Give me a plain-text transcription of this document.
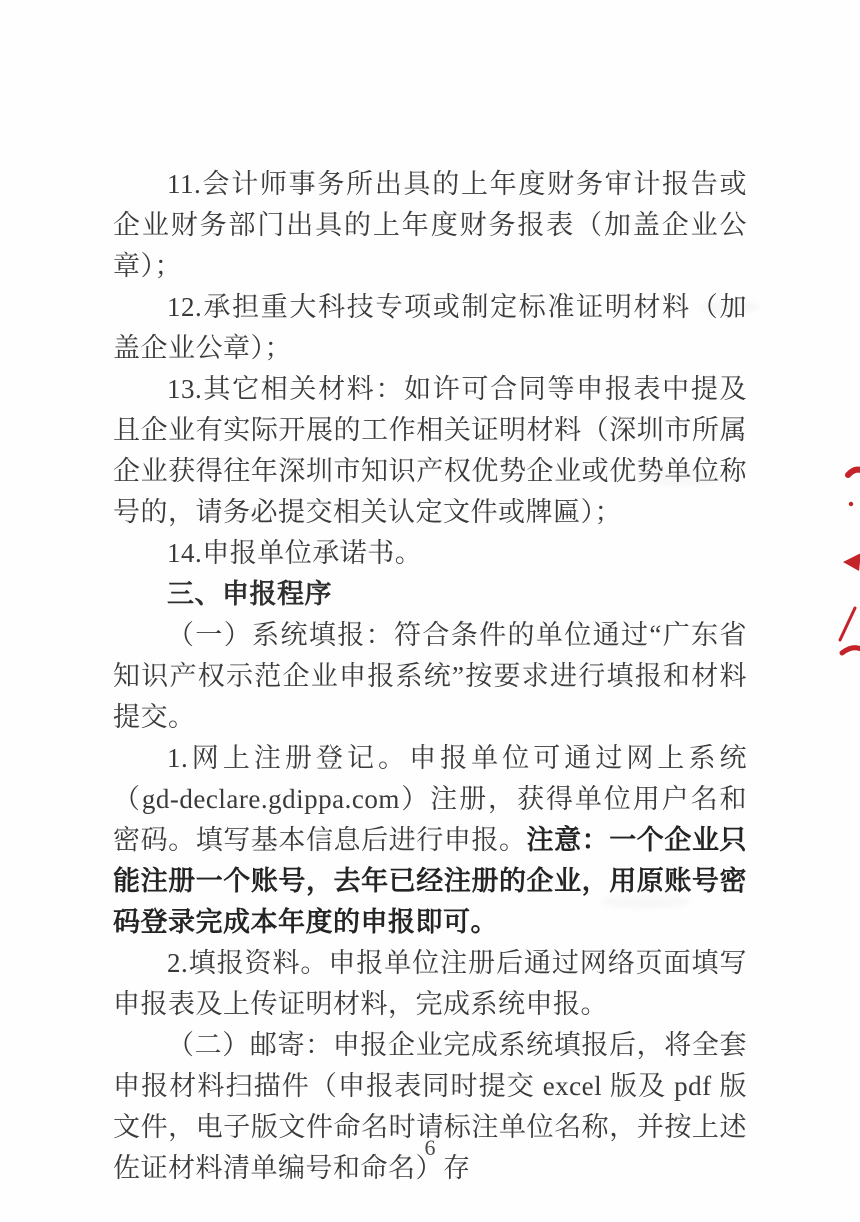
11.会计师事务所出具的上年度财务审计报告或企业财务部门出具的上年度财务报表（加盖企业公章）；

12.承担重大科技专项或制定标准证明材料（加盖企业公章）；

13.其它相关材料：如许可合同等申报表中提及且企业有实际开展的工作相关证明材料（深圳市所属企业获得往年深圳市知识产权优势企业或优势单位称号的，请务必提交相关认定文件或牌匾）；

14.申报单位承诺书。

三、申报程序

（一）系统填报：符合条件的单位通过“广东省知识产权示范企业申报系统”按要求进行填报和材料提交。

1.网上注册登记。申报单位可通过网上系统（gd-declare.gdippa.com）注册，获得单位用户名和密码。填写基本信息后进行申报。注意：一个企业只能注册一个账号，去年已经注册的企业，用原账号密码登录完成本年度的申报即可。

2.填报资料。申报单位注册后通过网络页面填写申报表及上传证明材料，完成系统申报。

（二）邮寄：申报企业完成系统填报后，将全套申报材料扫描件（申报表同时提交 excel 版及 pdf 版文件，电子版文件命名时请标注单位名称，并按上述佐证材料清单编号和命名）存

6
